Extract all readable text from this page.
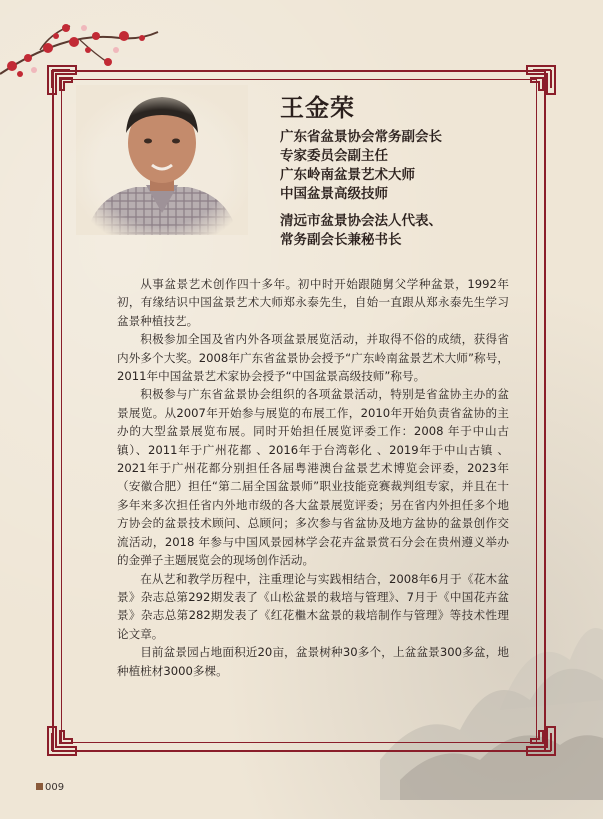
王金荣
广东省盆景协会常务副会长
专家委员会副主任
广东岭南盆景艺术大师
中国盆景高级技师
清远市盆景协会法人代表、
常务副会长兼秘书长

从事盆景艺术创作四十多年。初中时开始跟随舅父学种盆景，1992年初，有缘结识中国盆景艺术大师郑永泰先生，自始一直跟从郑永泰先生学习盆景种植技艺。

积极参加全国及省内外各项盆景展览活动，并取得不俗的成绩，获得省内外多个大奖。2008年广东省盆景协会授予“广东岭南盆景艺术大师”称号，2011年中国盆景艺术家协会授予“中国盆景高级技师”称号。

积极参与广东省盆景协会组织的各项盆景活动，特别是省盆协主办的盆景展览。从2007年开始参与展览的布展工作，2010年开始负责省盆协的主办的大型盆景展览布展。同时开始担任展览评委工作：2008 年于中山古镇）、2011年于广州花都 、2016年于台湾彰化 、2019年于中山古镇 、2021年于广州花都分别担任各届粤港澳台盆景艺术博览会评委，2023年（安徽合肥）担任“第二届全国盆景师”职业技能竞赛裁判组专家，并且在十多年来多次担任省内外地市级的各大盆景展览评委；另在省内外担任多个地方协会的盆景技术顾问、总顾问；多次参与省盆协及地方盆协的盆景创作交流活动，2018 年参与中国风景园林学会花卉盆景赏石分会在贵州遵义举办的金弹子主题展览会的现场创作活动。

在从艺和教学历程中，注重理论与实践相结合，2008年6月于《花木盆景》杂志总第292期发表了《山松盆景的栽培与管理》、7月于《中国花卉盆景》杂志总第282期发表了《红花檵木盆景的栽培制作与管理》等技术性理论文章。

目前盆景园占地面积近20亩，盆景树种30多个，上盆盆景300多盆，地种植桩材3000多棵。

009
